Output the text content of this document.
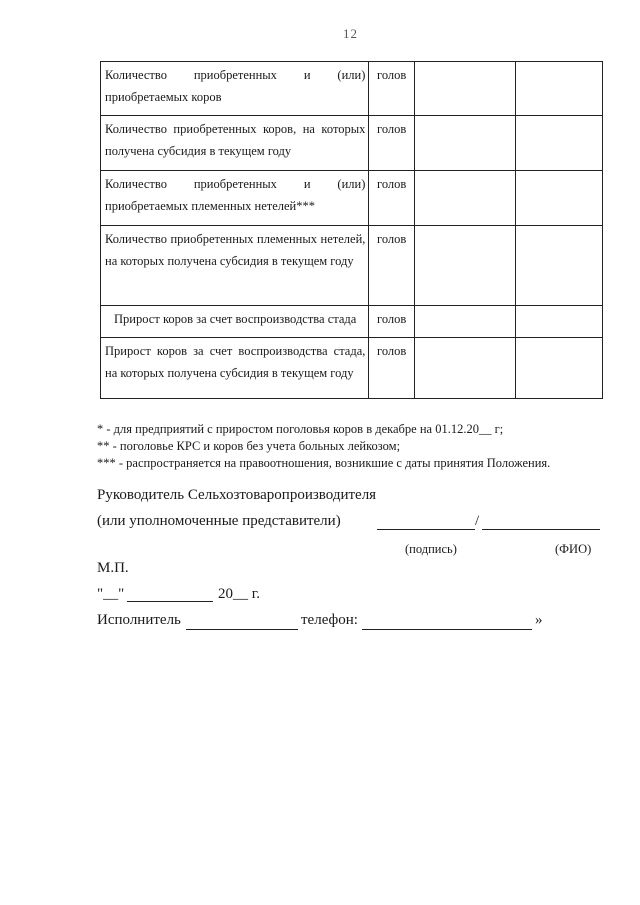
12
Количество приобретенных и (или) приобретаемых коров	голов		
Количество приобретенных коров, на которых получена субсидия в текущем году	голов		
Количество приобретенных и (или) приобретаемых племенных нетелей***	голов		
Количество приобретенных племенных нетелей, на которых получена субсидия в текущем году	голов		
Прирост коров за счет воспроизводства стада	голов		
Прирост коров за счет воспроизводства стада, на которых получена субсидия в текущем году	голов		
* - для предприятий с приростом поголовья коров в декабре на 01.12.20__ г;
** - поголовье КРС и коров без учета больных лейкозом;
*** - распространяется на правоотношения, возникшие с даты принятия Положения.
Руководитель Сельхозтоваропроизводителя
(или уполномоченные представители)	/
(подпись)	(ФИО)
М.П.
"__"	20__ г.
Исполнитель	телефон:	»
